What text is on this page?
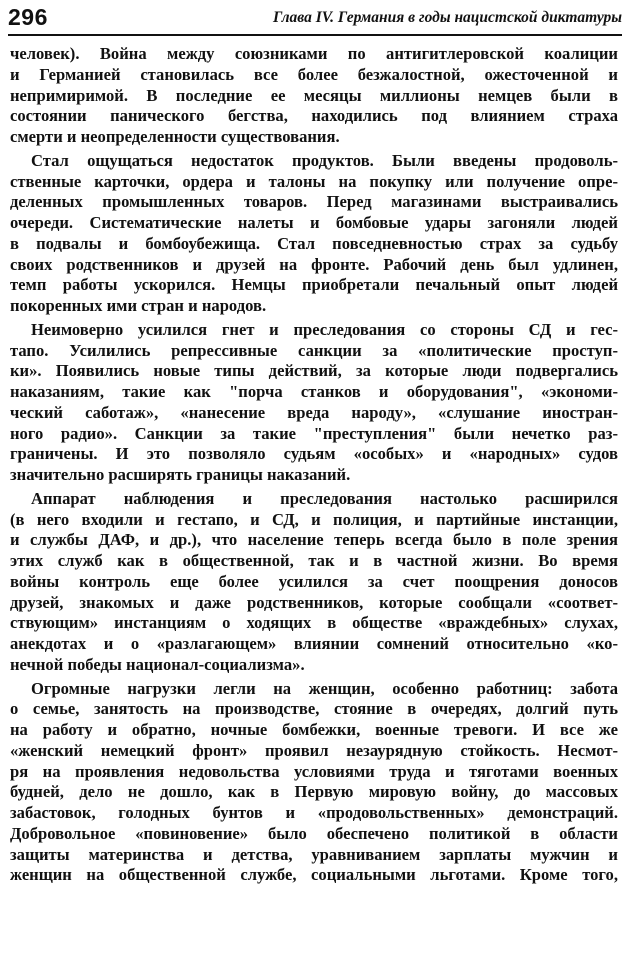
296	Глава IV. Германия в годы нацистской диктатуры

человек). Война между союзниками по антигитлеровской коалиции
и Германией становилась все более безжалостной, ожесточенной и
непримиримой. В последние ее месяцы миллионы немцев были в
состоянии панического бегства, находились под влиянием страха
смерти и неопределенности существования.

Стал ощущаться недостаток продуктов. Были введены продоволь-
ственные карточки, ордера и талоны на покупку или получение опре-
деленных промышленных товаров. Перед магазинами выстраивались
очереди. Систематические налеты и бомбовые удары загоняли людей
в подвалы и бомбоубежища. Стал повседневностью страх за судьбу
своих родственников и друзей на фронте. Рабочий день был удлинен,
темп работы ускорился. Немцы приобретали печальный опыт людей
покоренных ими стран и народов.

Неимоверно усилился гнет и преследования со стороны СД и гес-
тапо. Усилились репрессивные санкции за «политические проступ-
ки». Появились новые типы действий, за которые люди подвергались
наказаниям, такие как "порча станков и оборудования", «экономи-
ческий саботаж», «нанесение вреда народу», «слушание иностран-
ного радио». Санкции за такие "преступления" были нечетко раз-
граничены. И это позволяло судьям «особых» и «народных» судов
значительно расширять границы наказаний.

Аппарат наблюдения и преследования настолько расширился
(в него входили и гестапо, и СД, и полиция, и партийные инстанции,
и службы ДАФ, и др.), что население теперь всегда было в поле зрения
этих служб как в общественной, так и в частной жизни. Во время
войны контроль еще более усилился за счет поощрения доносов
друзей, знакомых и даже родственников, которые сообщали «соответ-
ствующим» инстанциям о ходящих в обществе «враждебных» слухах,
анекдотах и о «разлагающем» влиянии сомнений относительно «ко-
нечной победы национал-социализма».

Огромные нагрузки легли на женщин, особенно работниц: забота
о семье, занятость на производстве, стояние в очередях, долгий путь
на работу и обратно, ночные бомбежки, военные тревоги. И все же
«женский немецкий фронт» проявил незаурядную стойкость. Несмот-
ря на проявления недовольства условиями труда и тяготами военных
будней, дело не дошло, как в Первую мировую войну, до массовых
забастовок, голодных бунтов и «продовольственных» демонстраций.
Добровольное «повиновение» было обеспечено политикой в области
защиты материнства и детства, уравниванием зарплаты мужчин и
женщин на общественной службе, социальными льготами. Кроме того,
